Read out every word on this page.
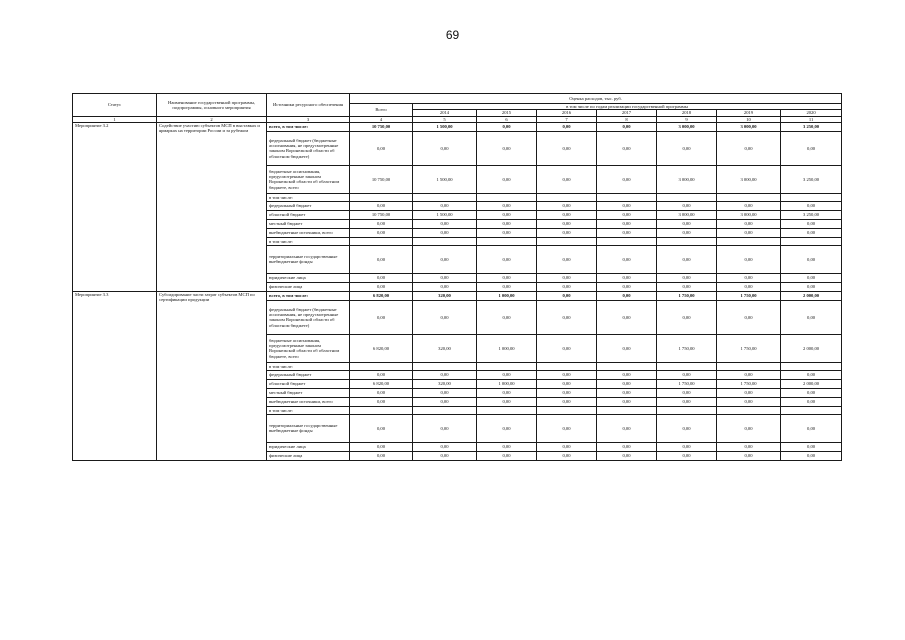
69
Статус	Наименование государственной программы, подпрограммы, основного мероприятия	Источники ресурсного обеспечения	Оценка расходов, тыс. руб.							
			Всего	в том числе по годам реализации государственной программы						
				2014	2015	2016	2017	2018	2019	2020
1	2	3	4	5	6	7	8	9	10	11
Мероприятие 3.2	Содействие участию субъектов МСП в выставках и ярмарках на территории России и за рубежом	всего, в том числе:	10 750,00	1 500,00	0,00	0,00	0,00	3 000,00	3 000,00	3 250,00
		федеральный бюджет (бюджетные ассигнования, не предусмотренные законом Воронежской области об областном бюджете)	0,00	0,00	0,00	0,00	0,00	0,00	0,00	0,00
		бюджетные ассигнования, предусмотренные законом Воронежской области об областном бюджете, всего	10 750,00	1 500,00	0,00	0,00	0,00	3 000,00	3 000,00	3 250,00
		в том числе:								
		федеральный бюджет	0,00	0,00	0,00	0,00	0,00	0,00	0,00	0,00
		областной бюджет	10 750,00	1 500,00	0,00	0,00	0,00	3 000,00	3 000,00	3 250,00
		местный бюджет	0,00	0,00	0,00	0,00	0,00	0,00	0,00	0,00
		внебюджетные источники, всего	0,00	0,00	0,00	0,00	0,00	0,00	0,00	0,00
		в том числе:								
		территориальные государственные внебюджетные фонды	0,00	0,00	0,00	0,00	0,00	0,00	0,00	0,00
		юридические лица	0,00	0,00	0,00	0,00	0,00	0,00	0,00	0,00
		физические лица	0,00	0,00	0,00	0,00	0,00	0,00	0,00	0,00
Мероприятие 3.3	Субсидирование части затрат субъектов МСП по сертификации продукции	всего, в том числе:	6 820,00	320,00	1 000,00	0,00	0,00	1 750,00	1 750,00	2 000,00
		федеральный бюджет (бюджетные ассигнования, не предусмотренные законом Воронежской области об областном бюджете)	0,00	0,00	0,00	0,00	0,00	0,00	0,00	0,00
		бюджетные ассигнования, предусмотренные законом Воронежской области об областном бюджете, всего	6 820,00	320,00	1 000,00	0,00	0,00	1 750,00	1 750,00	2 000,00
		в том числе:								
		федеральный бюджет	0,00	0,00	0,00	0,00	0,00	0,00	0,00	0,00
		областной бюджет	6 820,00	320,00	1 000,00	0,00	0,00	1 750,00	1 750,00	2 000,00
		местный бюджет	0,00	0,00	0,00	0,00	0,00	0,00	0,00	0,00
		внебюджетные источники, всего	0,00	0,00	0,00	0,00	0,00	0,00	0,00	0,00
		в том числе:								
		территориальные государственные внебюджетные фонды	0,00	0,00	0,00	0,00	0,00	0,00	0,00	0,00
		юридические лица	0,00	0,00	0,00	0,00	0,00	0,00	0,00	0,00
		физические лица	0,00	0,00	0,00	0,00	0,00	0,00	0,00	0,00
